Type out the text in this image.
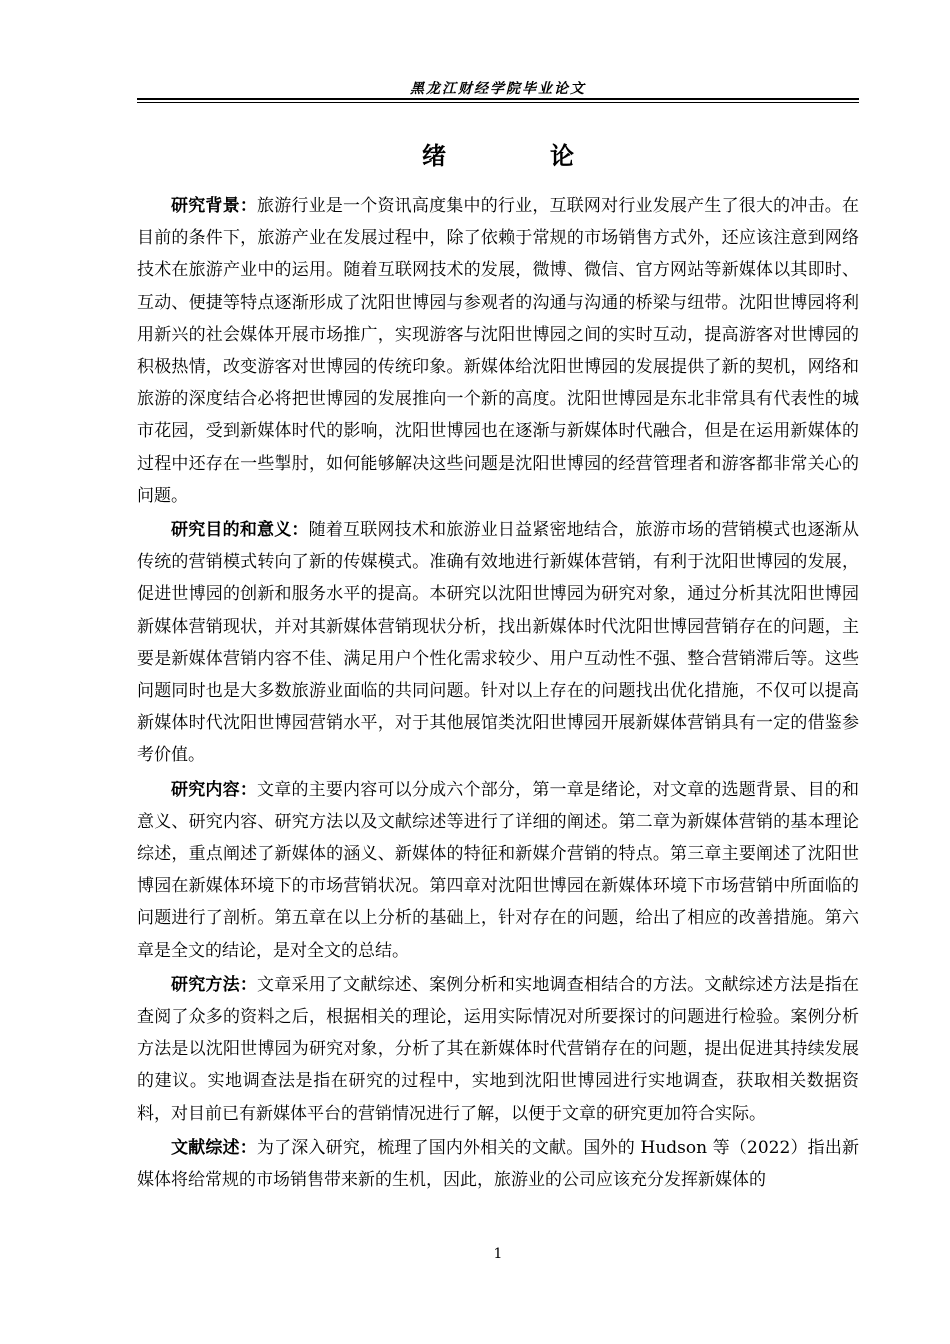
黑龙江财经学院毕业论文
绪　论

研究背景：旅游行业是一个资讯高度集中的行业，互联网对行业发展产生了很大的冲击。在目前的条件下，旅游产业在发展过程中，除了依赖于常规的市场销售方式外，还应该注意到网络技术在旅游产业中的运用。随着互联网技术的发展，微博、微信、官方网站等新媒体以其即时、互动、便捷等特点逐渐形成了沈阳世博园与参观者的沟通与沟通的桥梁与纽带。沈阳世博园将利用新兴的社会媒体开展市场推广，实现游客与沈阳世博园之间的实时互动，提高游客对世博园的积极热情，改变游客对世博园的传统印象。新媒体给沈阳世博园的发展提供了新的契机，网络和旅游的深度结合必将把世博园的发展推向一个新的高度。沈阳世博园是东北非常具有代表性的城市花园，受到新媒体时代的影响，沈阳世博园也在逐渐与新媒体时代融合，但是在运用新媒体的过程中还存在一些掣肘，如何能够解决这些问题是沈阳世博园的经营管理者和游客都非常关心的问题。

研究目的和意义：随着互联网技术和旅游业日益紧密地结合，旅游市场的营销模式也逐渐从传统的营销模式转向了新的传媒模式。准确有效地进行新媒体营销，有利于沈阳世博园的发展，促进世博园的创新和服务水平的提高。本研究以沈阳世博园为研究对象，通过分析其沈阳世博园新媒体营销现状，并对其新媒体营销现状分析，找出新媒体时代沈阳世博园营销存在的问题，主要是新媒体营销内容不佳、满足用户个性化需求较少、用户互动性不强、整合营销滞后等。这些问题同时也是大多数旅游业面临的共同问题。针对以上存在的问题找出优化措施，不仅可以提高新媒体时代沈阳世博园营销水平，对于其他展馆类沈阳世博园开展新媒体营销具有一定的借鉴参考价值。

研究内容：文章的主要内容可以分成六个部分，第一章是绪论，对文章的选题背景、目的和意义、研究内容、研究方法以及文献综述等进行了详细的阐述。第二章为新媒体营销的基本理论综述，重点阐述了新媒体的涵义、新媒体的特征和新媒介营销的特点。第三章主要阐述了沈阳世博园在新媒体环境下的市场营销状况。第四章对沈阳世博园在新媒体环境下市场营销中所面临的问题进行了剖析。第五章在以上分析的基础上，针对存在的问题，给出了相应的改善措施。第六章是全文的结论，是对全文的总结。

研究方法：文章采用了文献综述、案例分析和实地调查相结合的方法。文献综述方法是指在查阅了众多的资料之后，根据相关的理论，运用实际情况对所要探讨的问题进行检验。案例分析方法是以沈阳世博园为研究对象，分析了其在新媒体时代营销存在的问题，提出促进其持续发展的建议。实地调查法是指在研究的过程中，实地到沈阳世博园进行实地调查，获取相关数据资料，对目前已有新媒体平台的营销情况进行了解，以便于文章的研究更加符合实际。

文献综述：为了深入研究，梳理了国内外相关的文献。国外的 Hudson 等（2022）指出新媒体将给常规的市场销售带来新的生机，因此，旅游业的公司应该充分发挥新媒体的

1
